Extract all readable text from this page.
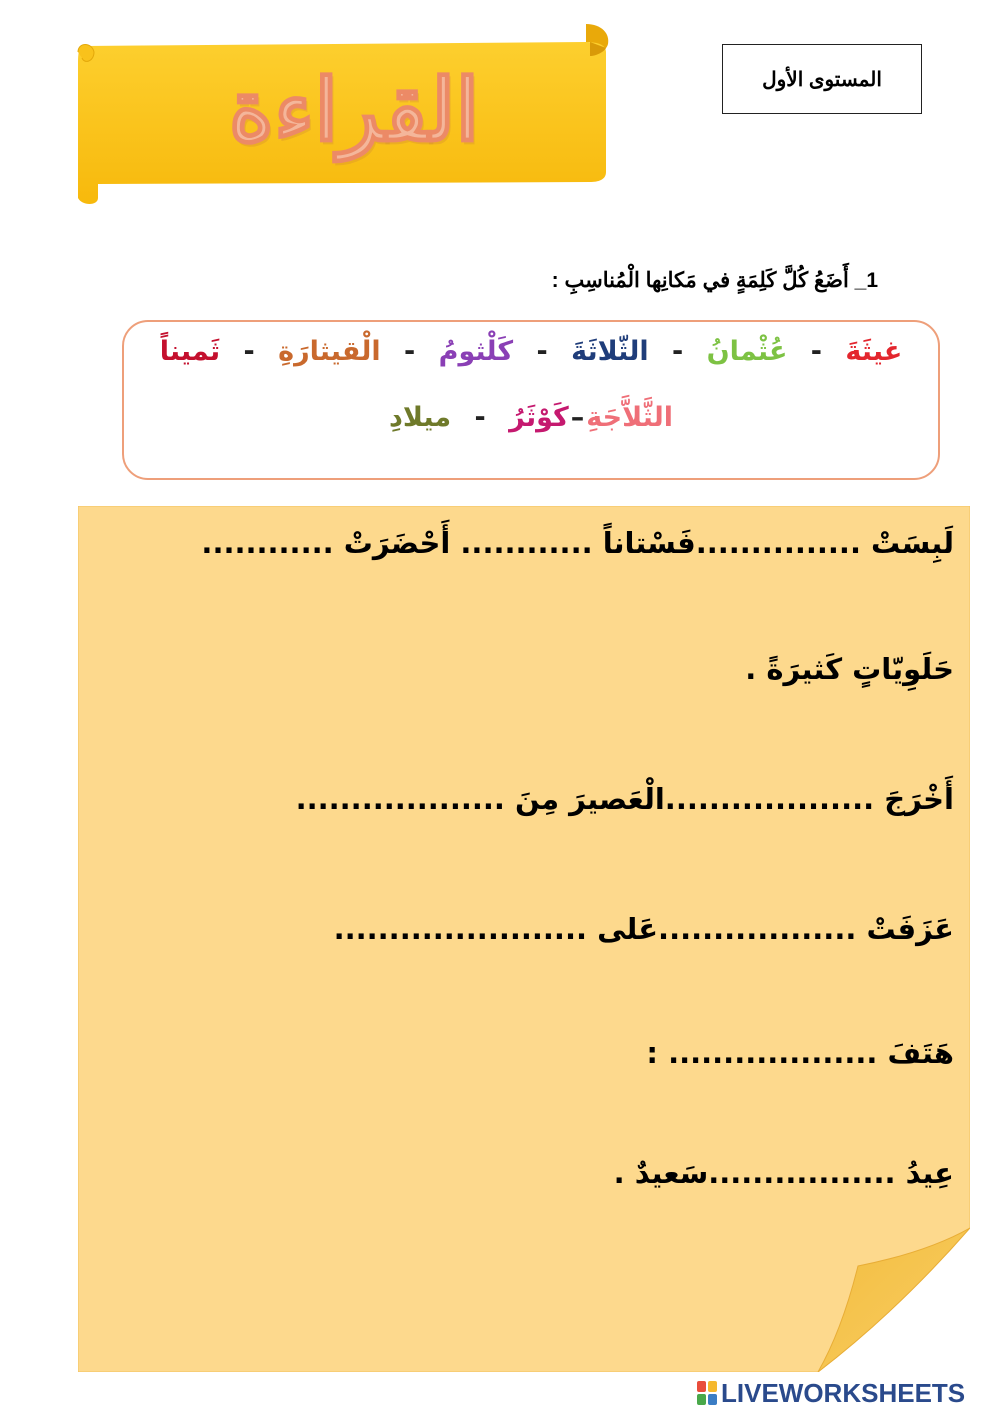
القراءة	المستوى الأول
1_ أَضَعُ كُلَّ كَلِمَةٍ في مَكانِها الْمُناسِبِ :
غيثَةَ - عُثْمانُ - الثّلاثَةَ - كَلْثومُ - الْقيثارَةِ - ثَميناً
الثَّلاَّجَةِ–كَوْثَرُ - ميلادِ
لَبِسَتْ ...............فَسْتاناً ............ أَحْضَرَتْ ............
حَلَوِيّاتٍ كَثيرَةً .
أَخْرَجَ ...................الْعَصيرَ مِنَ ...................
عَزَفَتْ ..................عَلى .......................
هَتَفَ ................... :
عِيدُ .................سَعيدٌ .
LIVEWORKSHEETS
